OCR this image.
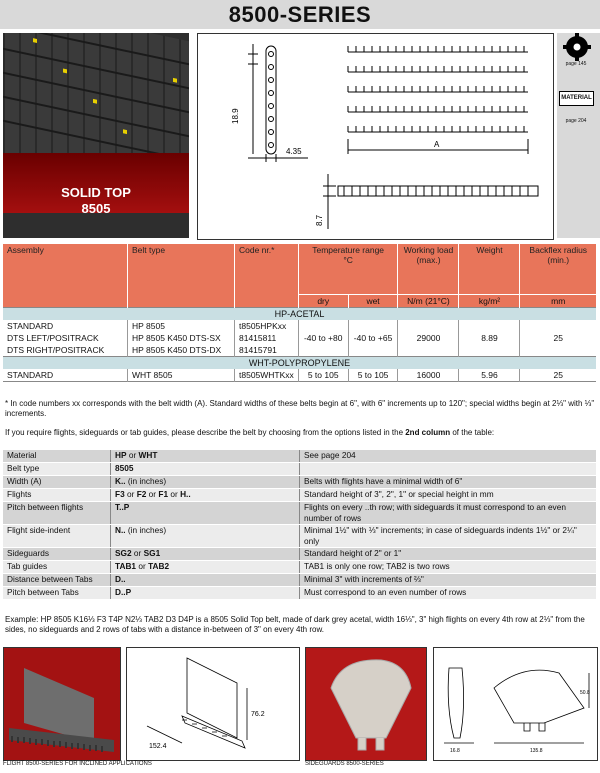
8500-SERIES
SOLID TOP
8505
18.9
4.35
A
8.7
page 145
MATERIAL
page 204
Assembly	Belt type	Code nr.*	Temperature range
°C		Working load (max.)	Weight	Backflex radius (min.)
			dry	wet	N/m (21°C)	kg/m²	mm
HP-ACETAL							
STANDARD	HP 8505	t8505HPKxx	-40 to +80	-40 to +65	29000	8.89	25
DTS LEFT/POSITRACK	HP 8505 K450 DTS-SX	81415811					
DTS RIGHT/POSITRACK	HP 8505 K450 DTS-DX	81415791					
WHT-POLYPROPYLENE							
STANDARD	WHT 8505	t8505WHTKxx	5 to 105	5 to 105	16000	5.96	25
* In code numbers xx corresponds with the belt width (A). Standard widths of these belts begin at 6", with 6" increments up to 120"; special widths begin at 2⅓" with ⅓" increments.
If you require flights, sideguards or tab guides, please describe the belt by choosing from the options listed in the 2nd column of the table:
Material	HP or WHT	See page 204
Belt type	8505	
Width (A)	K.. (in inches)	Belts with flights have a minimal width of 6"
Flights	F3 or F2 or F1 or H..	Standard height of 3", 2", 1" or special height in mm
Pitch between flights	T..P	Flights on every ..th row; with sideguards it must correspond to an even number of rows
Flight side-indent	N.. (in inches)	Minimal 1½" with ⅓" increments; in case of sideguards indents 1½" or 2¼" only
Sideguards	SG2 or SG1	Standard height of 2" or 1"
Tab guides	TAB1 or TAB2	TAB1 is only one row; TAB2 is two rows
Distance between Tabs	D..	Minimal 3" with increments of ⅔"
Pitch between Tabs	D..P	Must correspond to an even number of rows
Example: HP 8505 K16⅓ F3 T4P N2⅓ TAB2 D3 D4P is a 8505 Solid Top belt, made of dark grey acetal, width 16⅓", 3" high flights on every 4th row at 2⅓" from the sides, no sideguards and 2 rows of tabs with a distance in-between of 3" on every 4th row.
76.2
152.4
16.8	135.8
50.8
FLIGHT 8500-SERIES FOR INCLINED APPLICATIONS	SIDEGUARDS 8500-SERIES
